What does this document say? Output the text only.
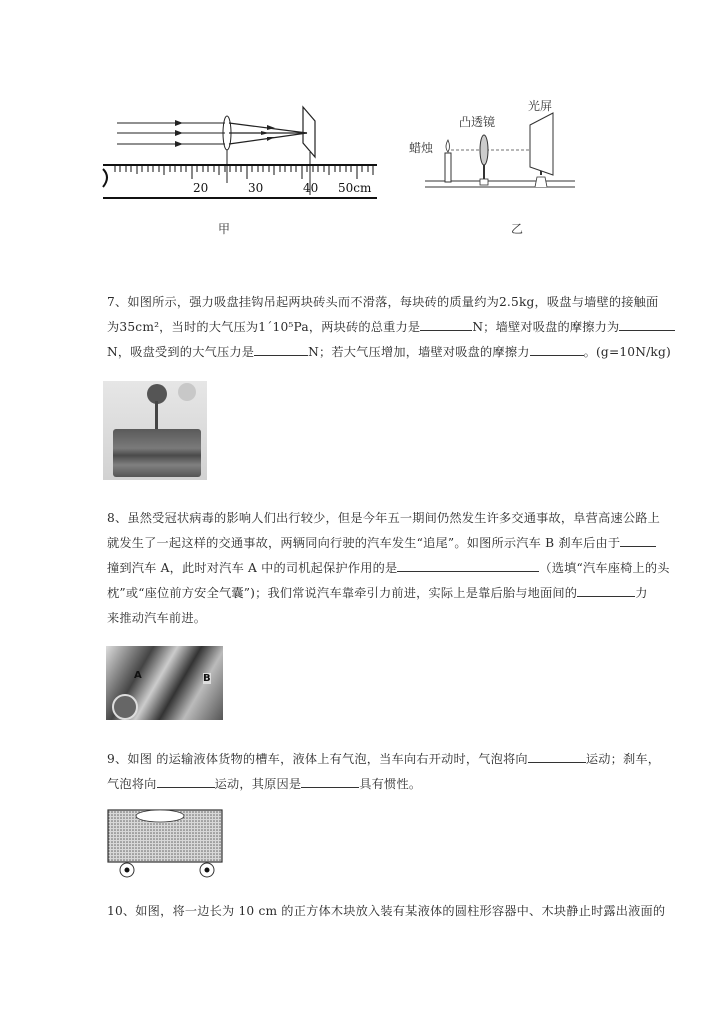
20	30	40 50cm
甲
蜡烛
凸透镜
光屏
乙
7、如图所示，强力吸盘挂钩吊起两块砖头而不滑落，每块砖的质量约为2.5kg，吸盘与墙壁的接触面
为35cm²，当时的大气压为1´10⁵Pa，两块砖的总重力是	N；墙壁对吸盘的摩擦力为
N，吸盘受到的大气压力是	N；若大气压增加，墙壁对吸盘的摩擦力	。(g=10N/kg)
8、虽然受冠状病毒的影响人们出行较少，但是今年五一期间仍然发生许多交通事故，阜营高速公路上
就发生了一起这样的交通事故，两辆同向行驶的汽车发生“追尾”。如图所示汽车 B 刹车后由于
撞到汽车 A，此时对汽车 A 中的司机起保护作用的是	（选填“汽车座椅上的头
枕”或“座位前方安全气囊”)；我们常说汽车靠牵引力前进，实际上是靠后胎与地面间的	力
来推动汽车前进。
A	B
9、如图 的运输液体货物的槽车，液体上有气泡，当车向右开动时，气泡将向	运动；刹车，
气泡将向	运动，其原因是	具有惯性。
10、如图，将一边长为 10 cm 的正方体木块放入装有某液体的圆柱形容器中、木块静止时露出液面的
